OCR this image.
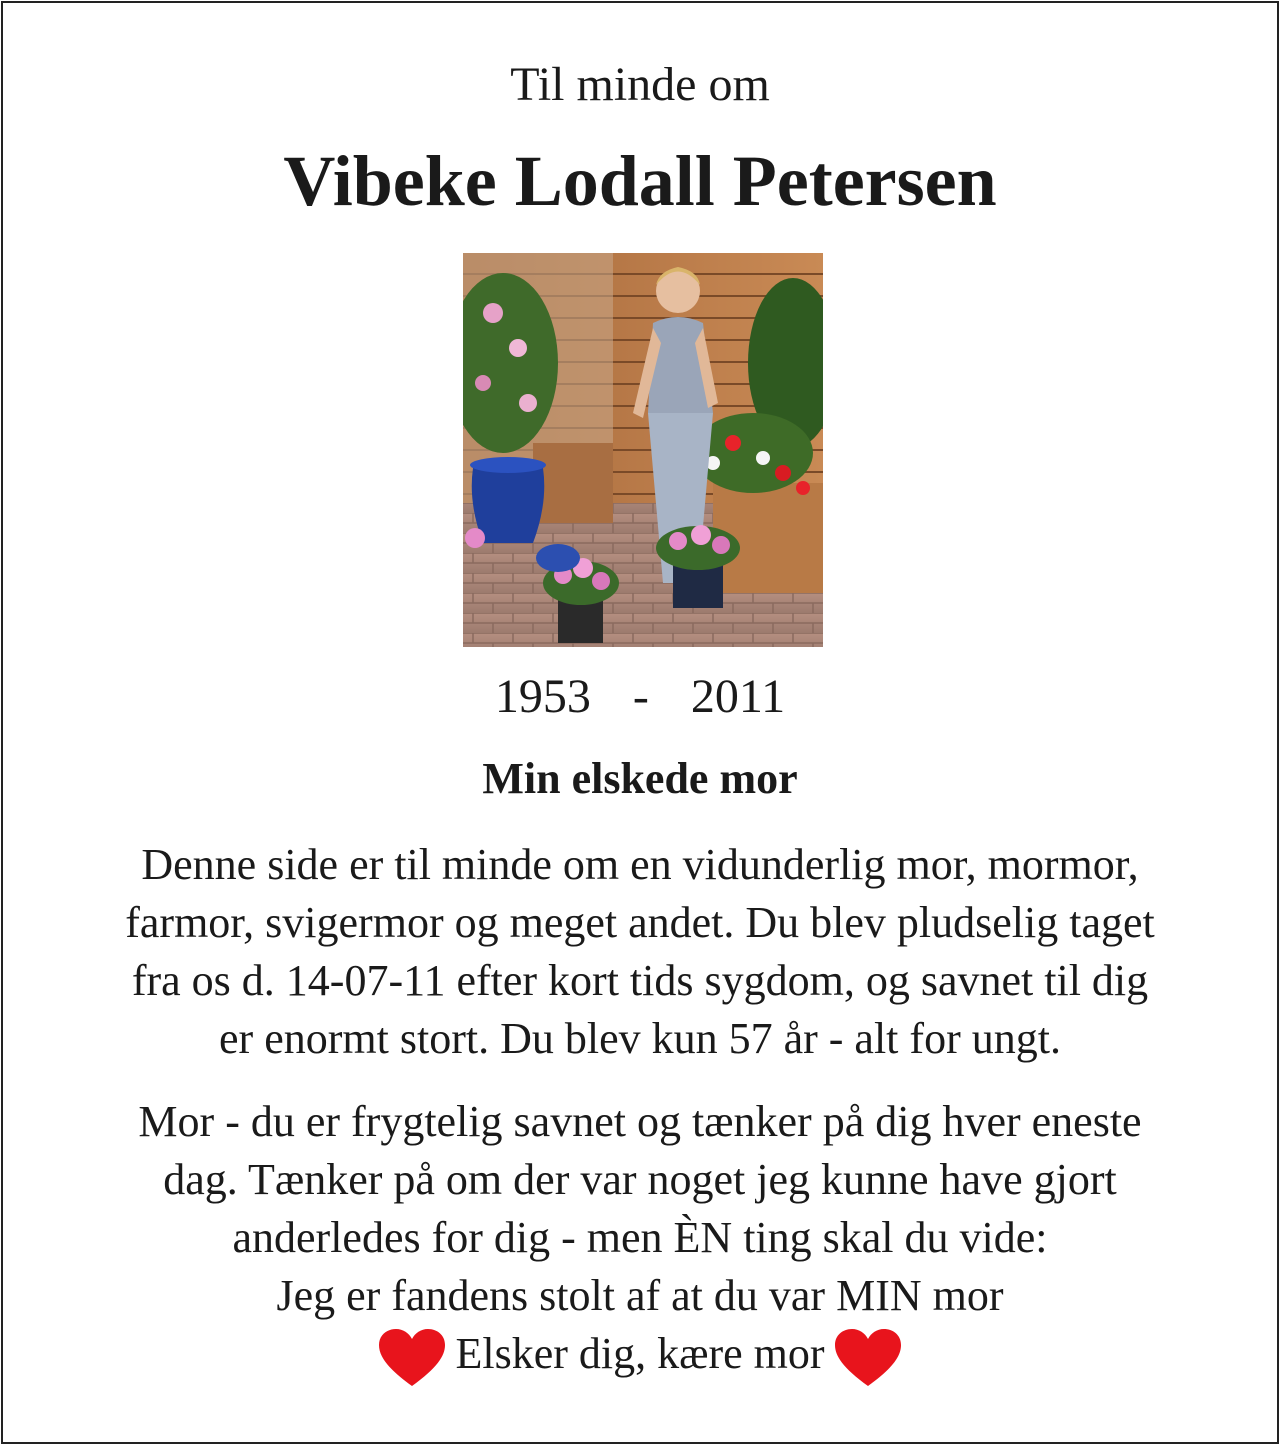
Til minde om
Vibeke Lodall Petersen
1953 - 2011
Min elskede mor
Denne side er til minde om en vidunderlig mor, mormor,
farmor, svigermor og meget andet. Du blev pludselig taget
fra os d. 14-07-11 efter kort tids sygdom, og savnet til dig
er enormt stort. Du blev kun 57 år - alt for ungt.
Mor - du er frygtelig savnet og tænker på dig hver eneste
dag. Tænker på om der var noget jeg kunne have gjort
anderledes for dig - men ÈN ting skal du vide:
Jeg er fandens stolt af at du var MIN mor
Elsker dig, kære mor
